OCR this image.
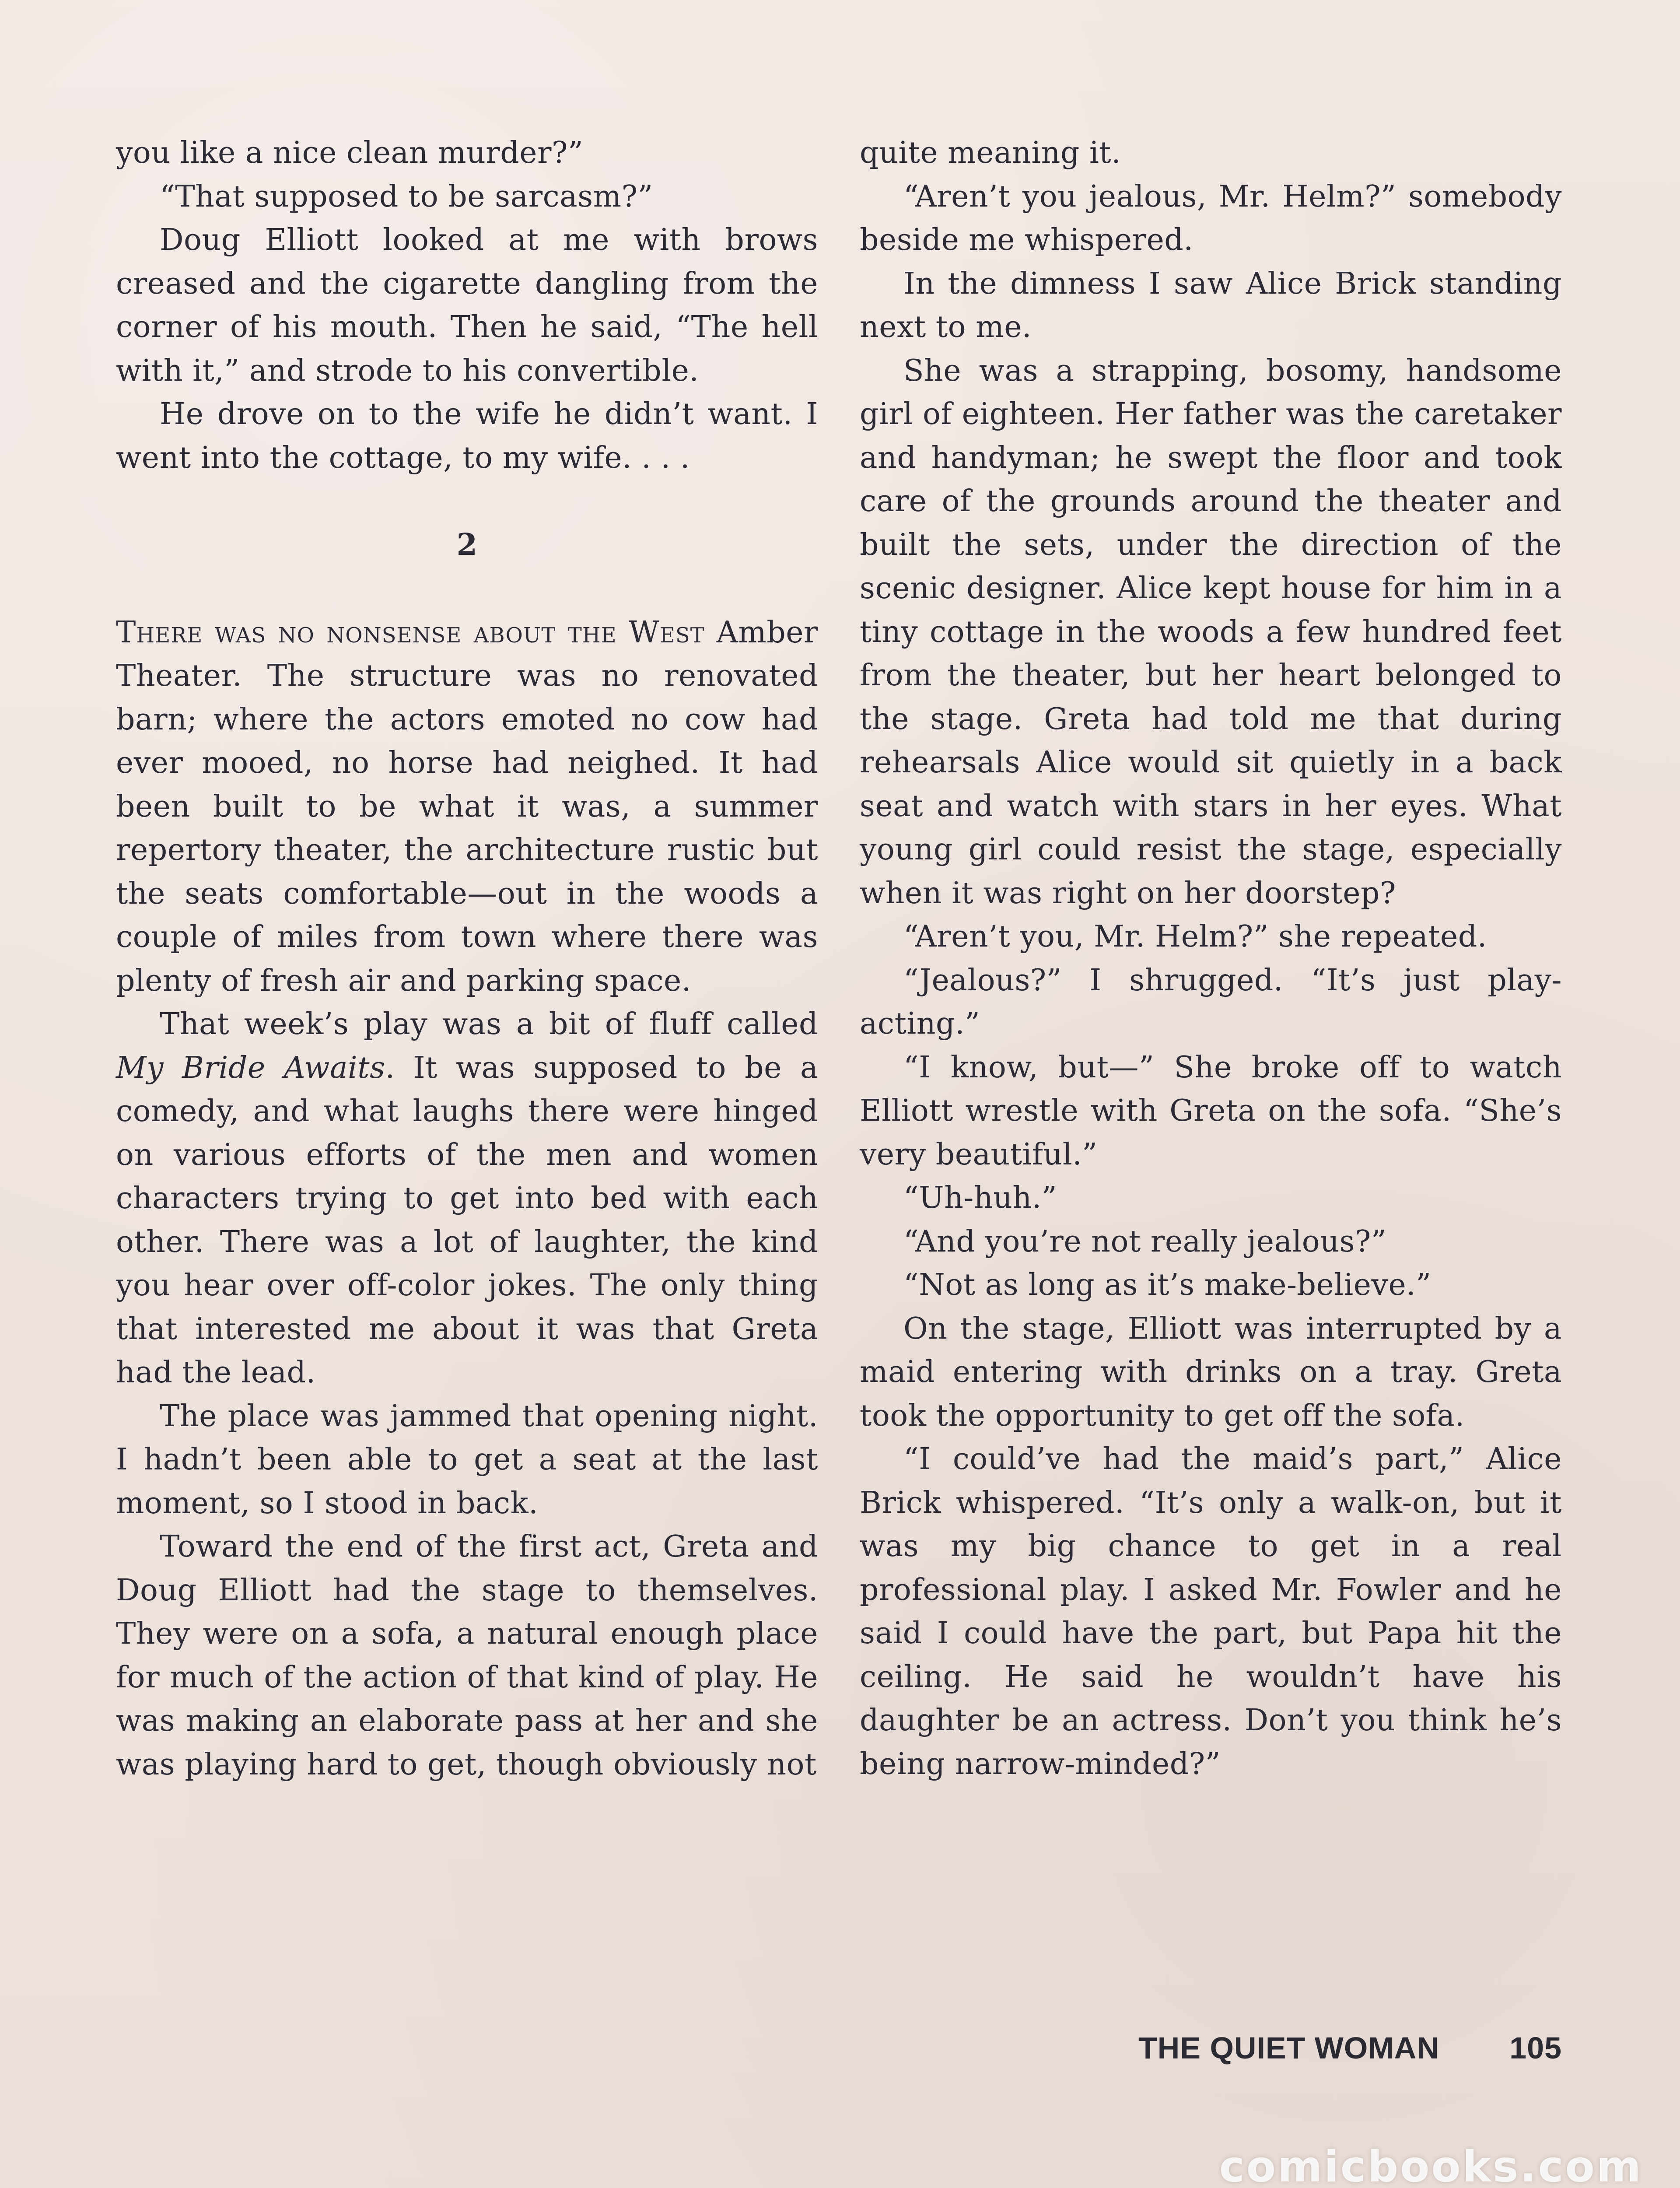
you like a nice clean murder?”

“That supposed to be sarcasm?”

Doug Elliott looked at me with brows creased and the cigarette dangling from the corner of his mouth. Then he said, “The hell with it,” and strode to his convertible.

He drove on to the wife he didn’t want. I went into the cottage, to my wife. . . .

2

There was no nonsense about the West Amber Theater. The structure was no renovated barn; where the actors emoted no cow had ever mooed, no horse had neighed. It had been built to be what it was, a summer repertory theater, the architecture rustic but the seats comfortable—out in the woods a couple of miles from town where there was plenty of fresh air and parking space.

That week’s play was a bit of fluff called My Bride Awaits. It was supposed to be a comedy, and what laughs there were hinged on various efforts of the men and women characters trying to get into bed with each other. There was a lot of laughter, the kind you hear over off-color jokes. The only thing that interested me about it was that Greta had the lead.

The place was jammed that opening night. I hadn’t been able to get a seat at the last moment, so I stood in back.

Toward the end of the first act, Greta and Doug Elliott had the stage to themselves. They were on a sofa, a natural enough place for much of the action of that kind of play. He was making an elaborate pass at her and she was playing hard to get, though obviously not

quite meaning it.

“Aren’t you jealous, Mr. Helm?” somebody beside me whispered.

In the dimness I saw Alice Brick standing next to me.

She was a strapping, bosomy, handsome girl of eighteen. Her father was the caretaker and handyman; he swept the floor and took care of the grounds around the theater and built the sets, under the direction of the scenic designer. Alice kept house for him in a tiny cottage in the woods a few hundred feet from the theater, but her heart belonged to the stage. Greta had told me that during rehearsals Alice would sit quietly in a back seat and watch with stars in her eyes. What young girl could resist the stage, especially when it was right on her doorstep?

“Aren’t you, Mr. Helm?” she repeated.

“Jealous?” I shrugged. “It’s just play-acting.”

“I know, but—” She broke off to watch Elliott wrestle with Greta on the sofa. “She’s very beautiful.”

“Uh-huh.”

“And you’re not really jealous?”

“Not as long as it’s make-believe.”

On the stage, Elliott was interrupted by a maid entering with drinks on a tray. Greta took the opportunity to get off the sofa.

“I could’ve had the maid’s part,” Alice Brick whispered. “It’s only a walk-on, but it was my big chance to get in a real professional play. I asked Mr. Fowler and he said I could have the part, but Papa hit the ceiling. He said he wouldn’t have his daughter be an actress. Don’t you think he’s being narrow-minded?”

THE QUIET WOMAN 105
comicbooks.com
